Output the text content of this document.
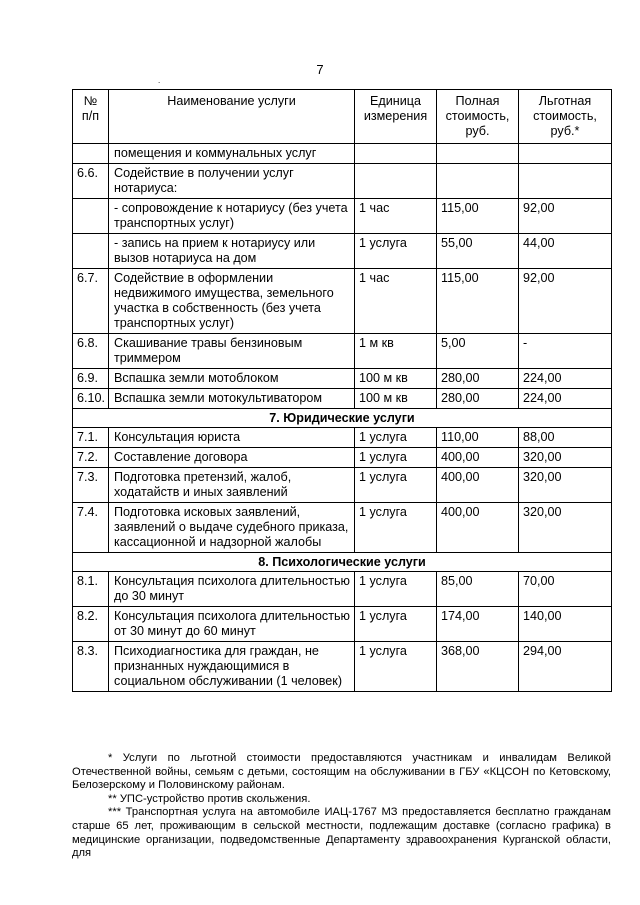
7
.
№ п/п	Наименование услуги	Единица измерения	Полная стоимость, руб.	Льготная стоимость, руб.*
	помещения и коммунальных услуг			
6.6.	Содействие в получении услуг нотариуса:			
	- сопровождение к нотариусу (без учета транспортных услуг)	1 час	115,00	92,00
	- запись на прием к нотариусу или вызов нотариуса на дом	1 услуга	55,00	44,00
6.7.	Содействие в оформлении недвижимого имущества, земельного участка в собственность (без учета транспортных услуг)	1 час	115,00	92,00
6.8.	Скашивание травы бензиновым триммером	1 м кв	5,00	-
6.9.	Вспашка земли мотоблоком	100 м кв	280,00	224,00
6.10.	Вспашка земли мотокультиватором	100 м кв	280,00	224,00
7. Юридические услуги				
7.1.	Консультация юриста	1 услуга	110,00	88,00
7.2.	Составление договора	1 услуга	400,00	320,00
7.3.	Подготовка претензий, жалоб, ходатайств и иных заявлений	1 услуга	400,00	320,00
7.4.	Подготовка исковых заявлений, заявлений о выдаче судебного приказа, кассационной и надзорной жалобы	1 услуга	400,00	320,00
8. Психологические услуги				
8.1.	Консультация психолога длительностью до 30 минут	1 услуга	85,00	70,00
8.2.	Консультация психолога длительностью от 30 минут до 60 минут	1 услуга	174,00	140,00
8.3.	Психодиагностика для граждан, не признанных нуждающимися в социальном обслуживании (1 человек)	1 услуга	368,00	294,00

* Услуги по льготной стоимости предоставляются участникам и инвалидам Великой Отечественной войны, семьям с детьми, состоящим на обслуживании в ГБУ «КЦСОН по Кетовскому, Белозерскому и Половинскому районам.

** УПС-устройство против скольжения.

*** Транспортная услуга на автомобиле ИАЦ-1767 МЗ предоставляется бесплатно гражданам старше 65 лет, проживающим в сельской местности, подлежащим доставке (согласно графика) в медицинские организации, подведомственные Департаменту здравоохранения Курганской области, для
